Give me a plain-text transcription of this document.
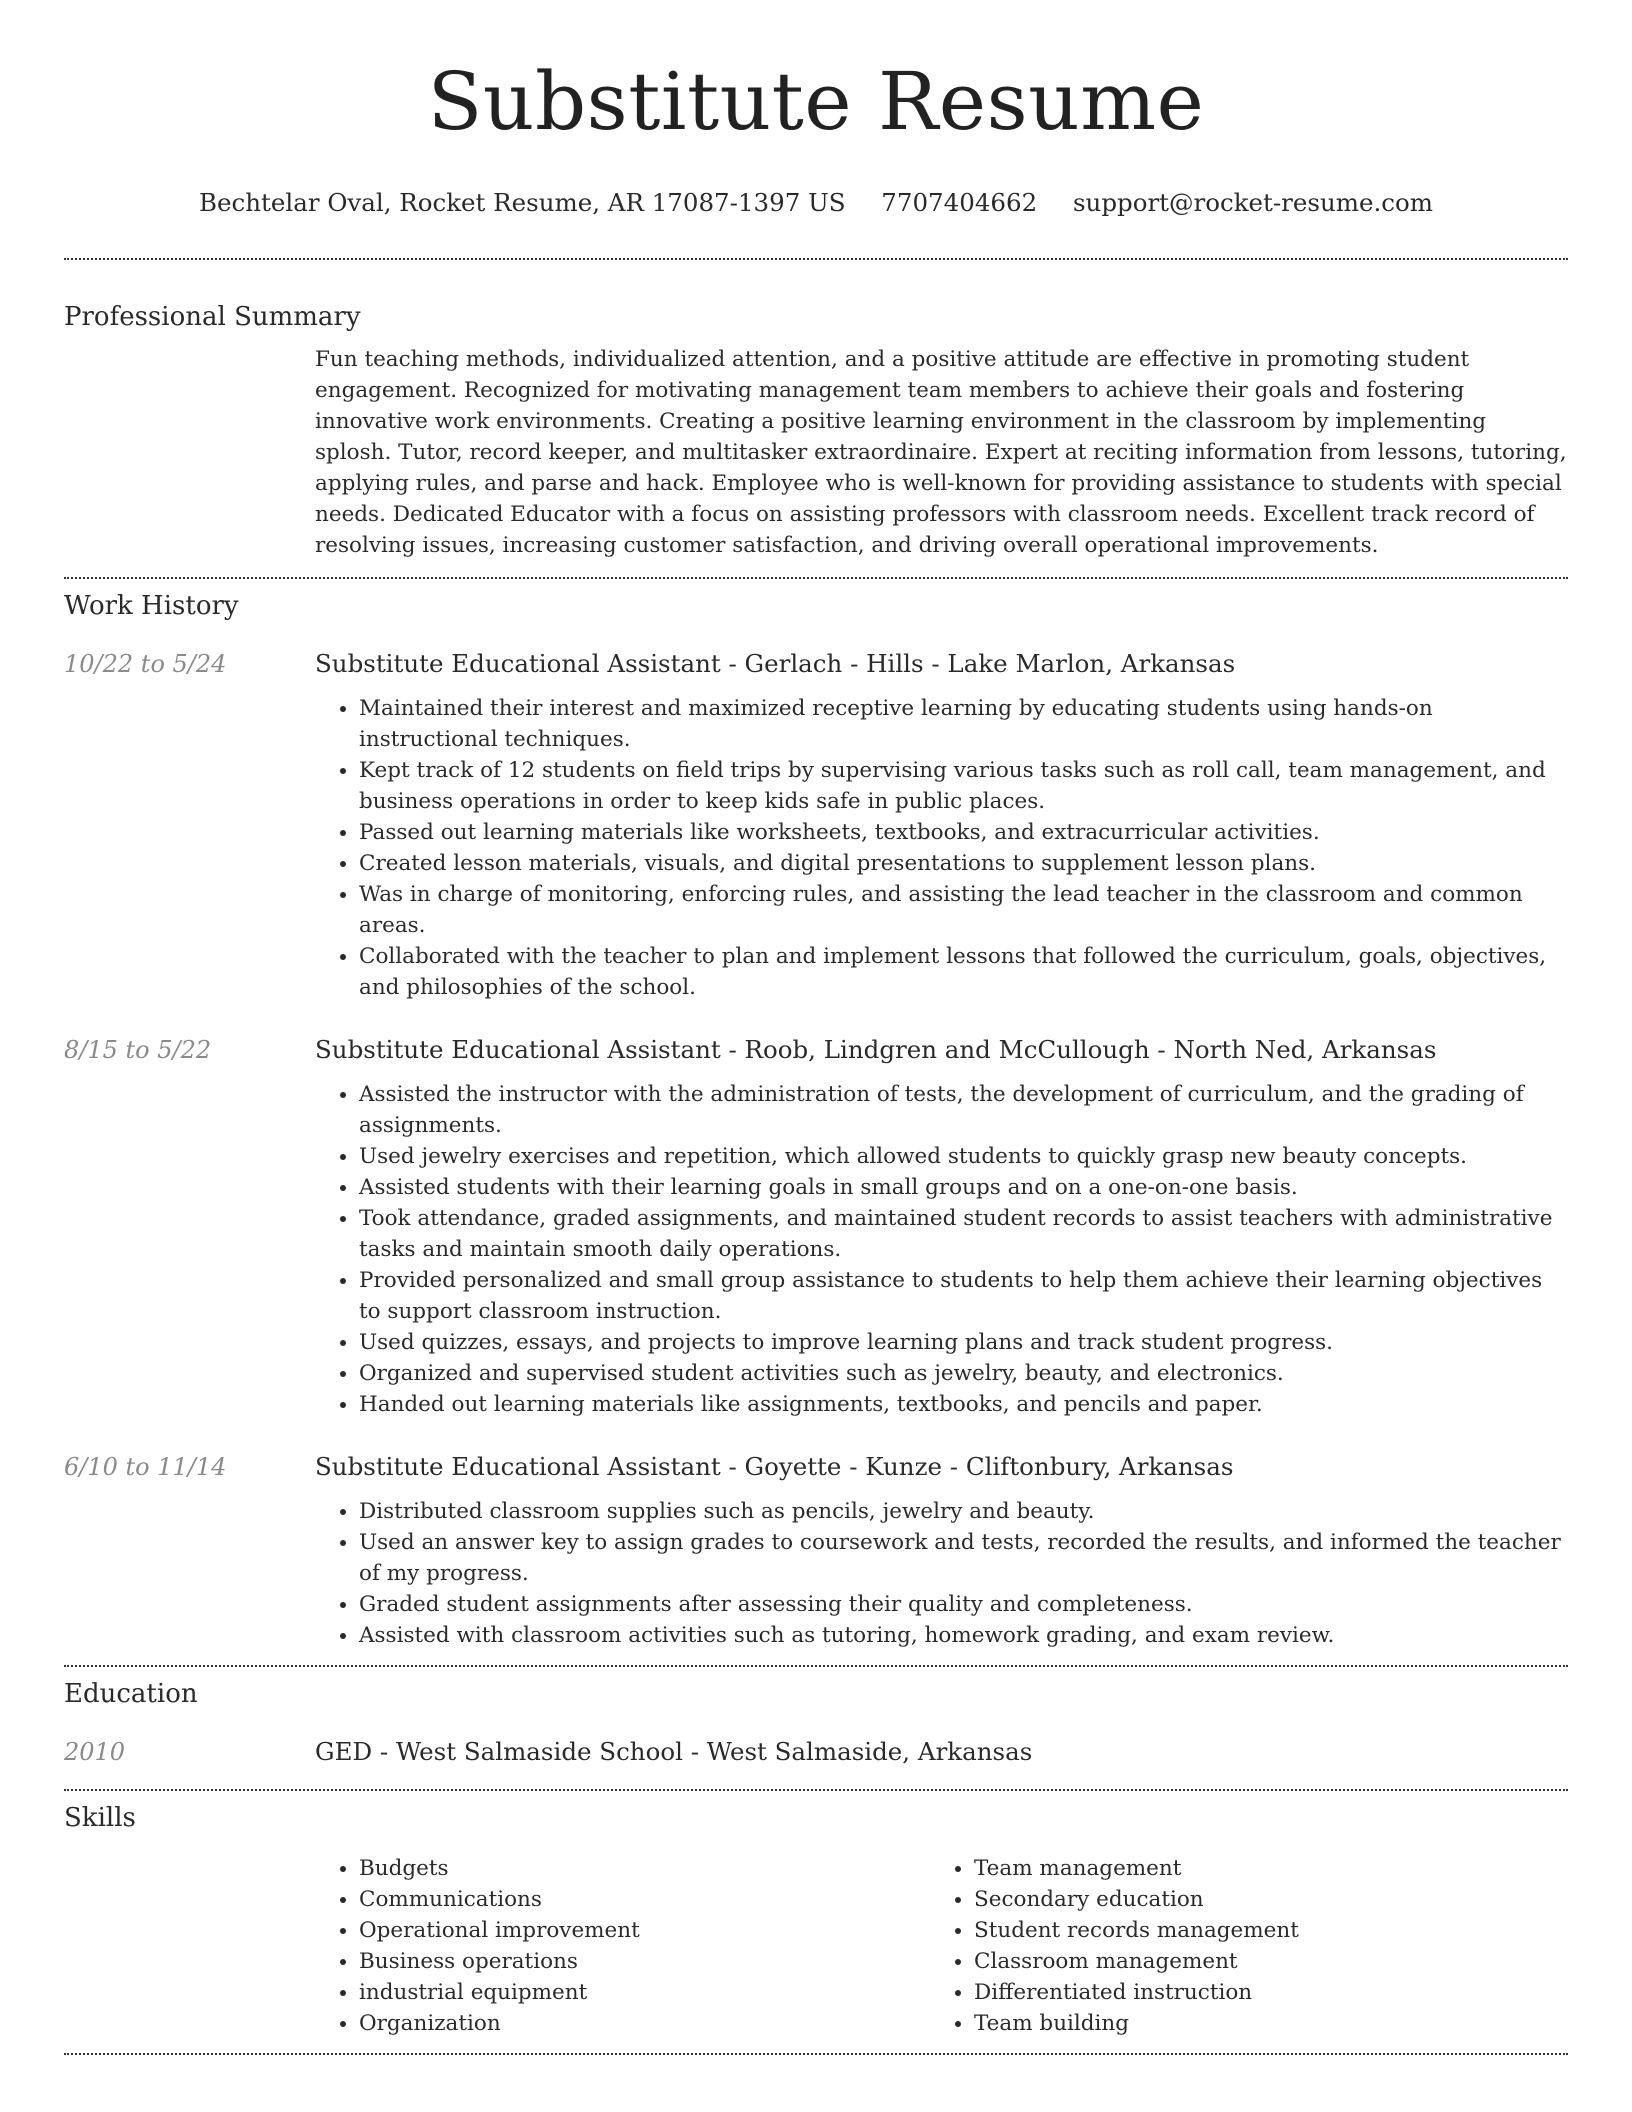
Substitute Resume
Bechtelar Oval, Rocket Resume, AR 17087-1397 US 7707404662 support@rocket-resume.com
Professional Summary

Fun teaching methods, individualized attention, and a positive attitude are effective in promoting student engagement. Recognized for motivating management team members to achieve their goals and fostering innovative work environments. Creating a positive learning environment in the classroom by implementing splosh. Tutor, record keeper, and multitasker extraordinaire. Expert at reciting information from lessons, tutoring, applying rules, and parse and hack. Employee who is well-known for providing assistance to students with special needs. Dedicated Educator with a focus on assisting professors with classroom needs. Excellent track record of resolving issues, increasing customer satisfaction, and driving overall operational improvements.

Work History
10/22 to 5/24	Substitute Educational Assistant - Gerlach - Hills - Lake Marlon, Arkansas
• Maintained their interest and maximized receptive learning by educating students using hands-on instructional techniques.
• Kept track of 12 students on field trips by supervising various tasks such as roll call, team management, and business operations in order to keep kids safe in public places.
• Passed out learning materials like worksheets, textbooks, and extracurricular activities.
• Created lesson materials, visuals, and digital presentations to supplement lesson plans.
• Was in charge of monitoring, enforcing rules, and assisting the lead teacher in the classroom and common areas.
• Collaborated with the teacher to plan and implement lessons that followed the curriculum, goals, objectives, and philosophies of the school.
8/15 to 5/22	Substitute Educational Assistant - Roob, Lindgren and McCullough - North Ned, Arkansas
• Assisted the instructor with the administration of tests, the development of curriculum, and the grading of assignments.
• Used jewelry exercises and repetition, which allowed students to quickly grasp new beauty concepts.
• Assisted students with their learning goals in small groups and on a one-on-one basis.
• Took attendance, graded assignments, and maintained student records to assist teachers with administrative tasks and maintain smooth daily operations.
• Provided personalized and small group assistance to students to help them achieve their learning objectives to support classroom instruction.
• Used quizzes, essays, and projects to improve learning plans and track student progress.
• Organized and supervised student activities such as jewelry, beauty, and electronics.
• Handed out learning materials like assignments, textbooks, and pencils and paper.
6/10 to 11/14	Substitute Educational Assistant - Goyette - Kunze - Cliftonbury, Arkansas
• Distributed classroom supplies such as pencils, jewelry and beauty.
• Used an answer key to assign grades to coursework and tests, recorded the results, and informed the teacher of my progress.
• Graded student assignments after assessing their quality and completeness.
• Assisted with classroom activities such as tutoring, homework grading, and exam review.
Education
2010	GED - West Salmaside School - West Salmaside, Arkansas
Skills
• Budgets
• Communications
• Operational improvement
• Business operations
• industrial equipment
• Organization
• Team management
• Secondary education
• Student records management
• Classroom management
• Differentiated instruction
• Team building
